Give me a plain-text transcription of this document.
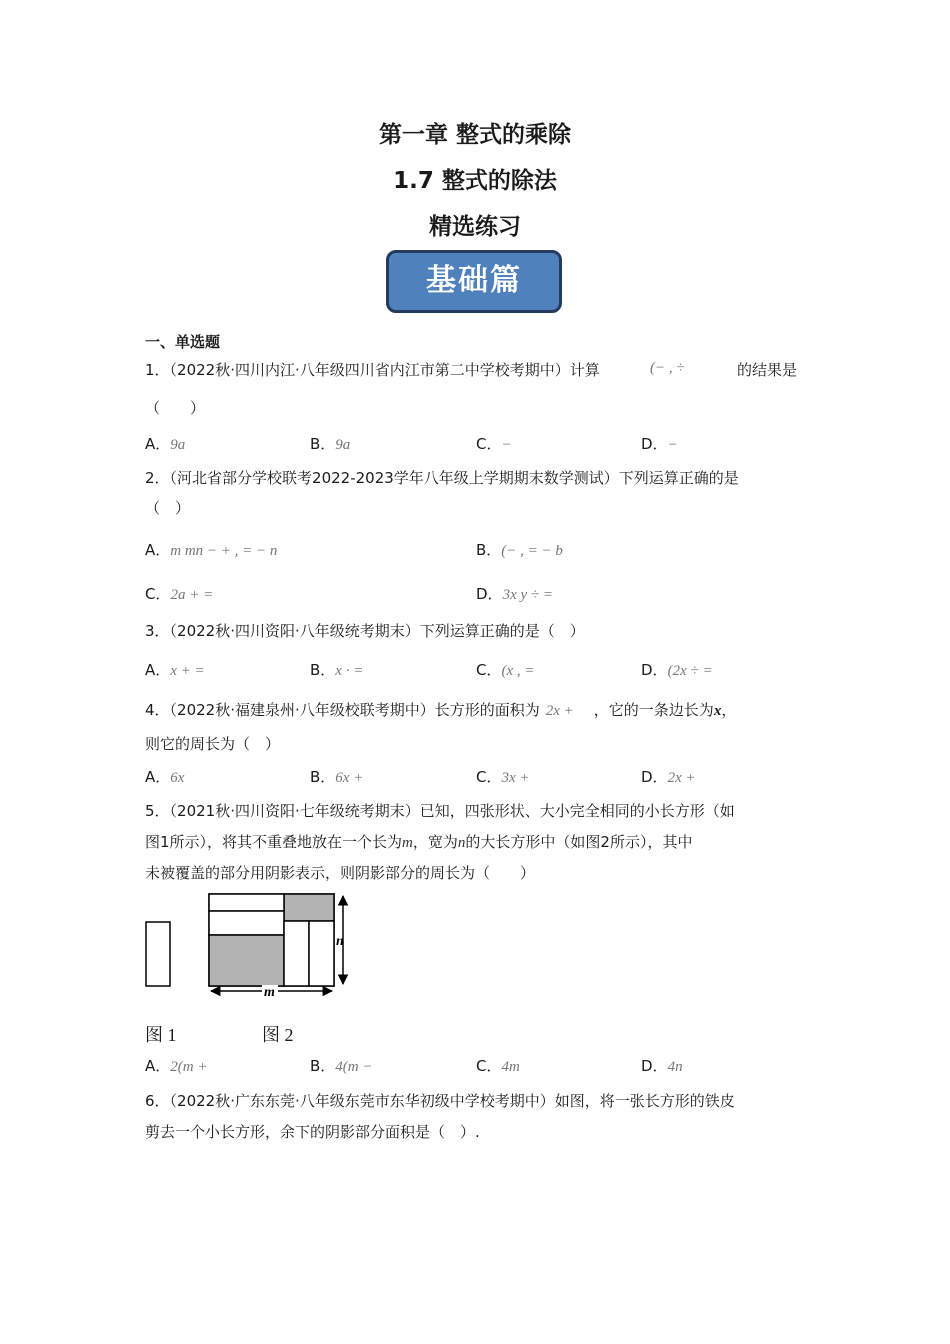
第一章 整式的乘除
1.7 整式的除法
精选练习
基础篇
一、单选题
1．（2022秋·四川内江·八年级四川省内江市第二中学校考期中）计算	(− , ÷	的结果是
（　　）
A．9a	B．9a	C．−	D．−
2．（河北省部分学校联考2022-2023学年八年级上学期期末数学测试）下列运算正确的是
（　）
A．m mn − + , = − n	B．(− , = − b
C．2a + =	D．3x y ÷ =
3．（2022秋·四川资阳·八年级统考期末）下列运算正确的是（　）
A．x + =	B．x · =	C．(x , =	D．(2x ÷ =
4．（2022秋·福建泉州·八年级校联考期中）长方形的面积为 2x + ，它的一条边长为x，
则它的周长为（　）
A．6x	B．6x +	C．3x +	D．2x +
5．（2021秋·四川资阳·七年级统考期末）已知，四张形状、大小完全相同的小长方形（如
图1所示），将其不重叠地放在一个长为m，宽为n的大长方形中（如图2所示），其中
未被覆盖的部分用阴影表示，则阴影部分的周长为（　　）
n
m
图 1	图 2
A．2(m +	B．4(m −	C．4m	D．4n
6．（2022秋·广东东莞·八年级东莞市东华初级中学校考期中）如图，将一张长方形的铁皮
剪去一个小长方形，余下的阴影部分面积是（　）.
